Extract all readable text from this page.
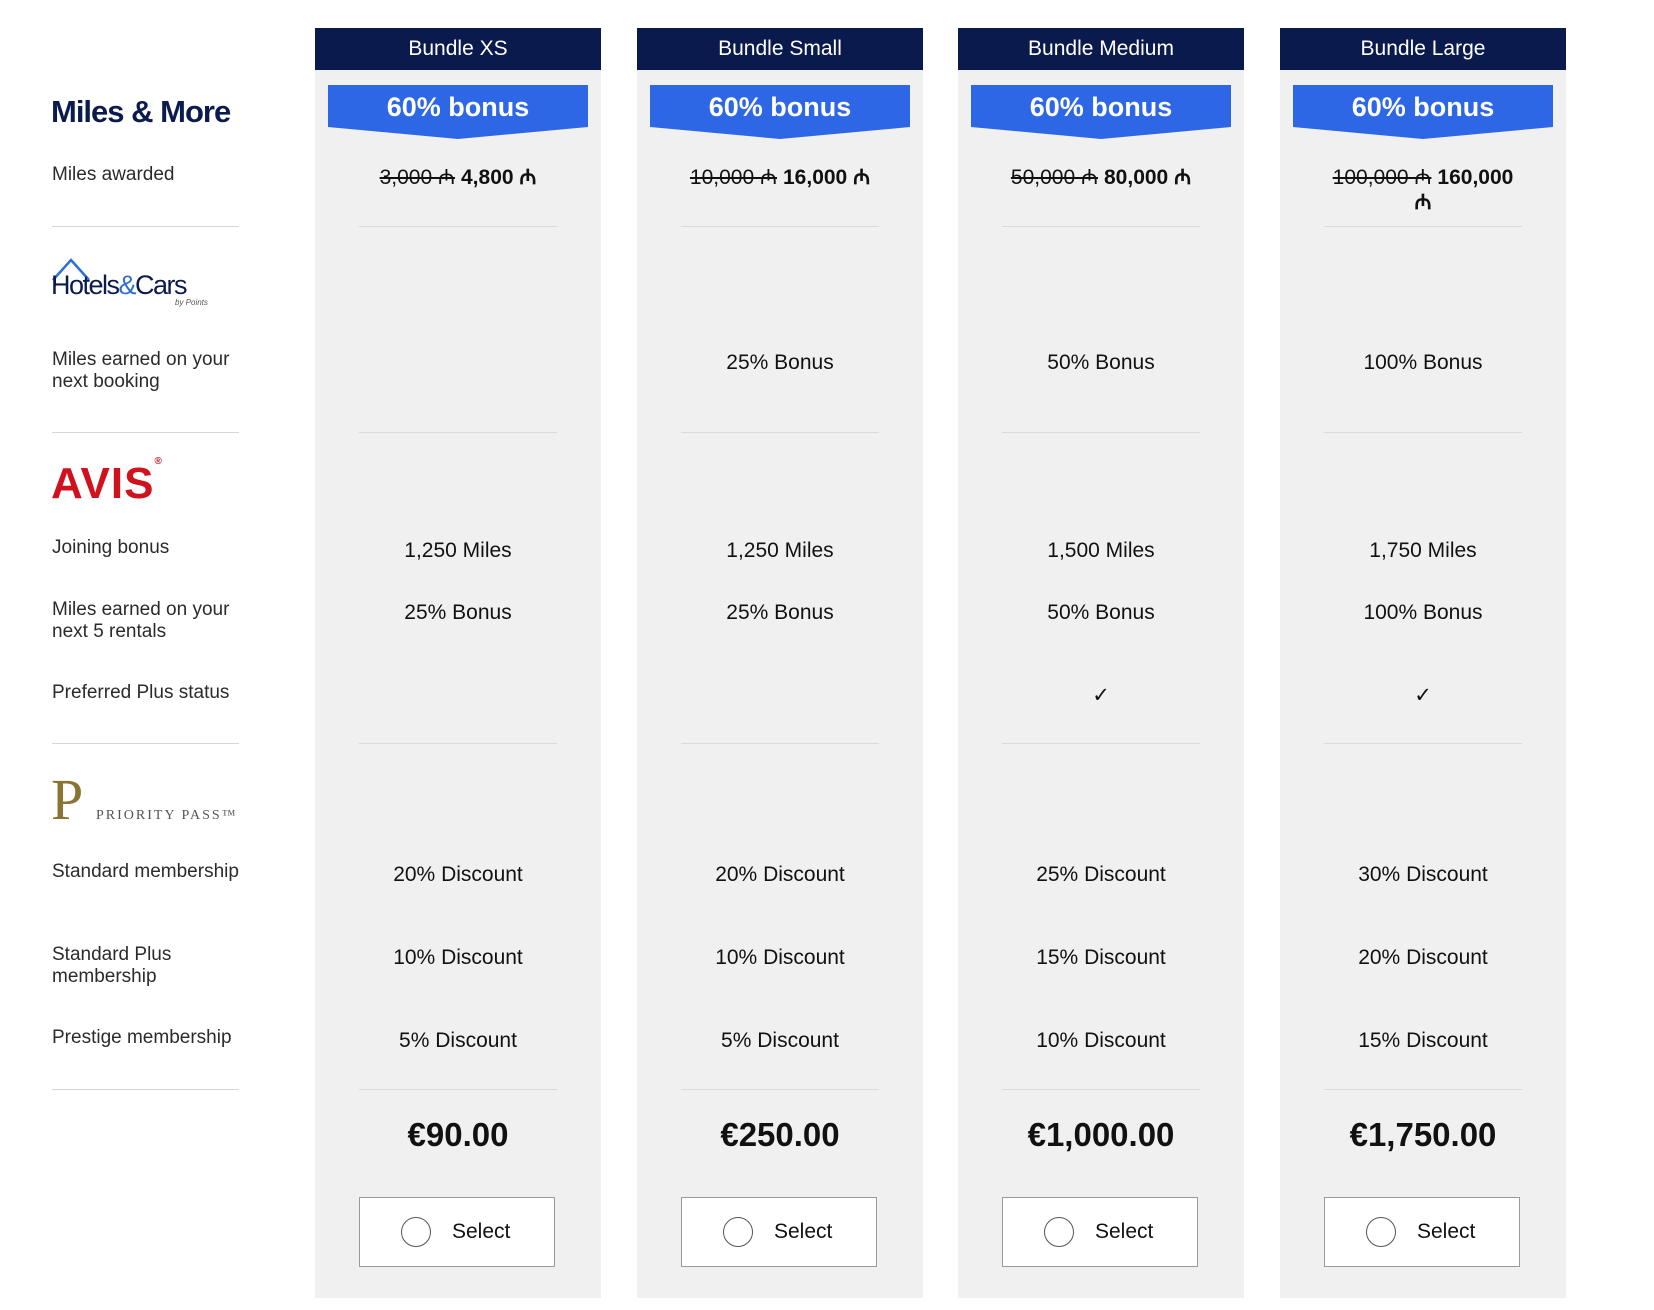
Miles & More
Miles awarded
Hotels&Cars
by Points
Miles earned on your next booking
AVIS®
Joining bonus
Miles earned on your next 5 rentals
Preferred Plus status
P PRIORITY PASS™
Standard membership
Standard Plus membership
Prestige membership
Bundle XS
60% bonus
3,000 ₼ 4,800 ₼
1,250 Miles
25% Bonus
20% Discount
10% Discount
5% Discount
€90.00
Select
Bundle Small
60% bonus
10,000 ₼ 16,000 ₼
25% Bonus
1,250 Miles
25% Bonus
20% Discount
10% Discount
5% Discount
€250.00
Select
Bundle Medium
60% bonus
50,000 ₼ 80,000 ₼
50% Bonus
1,500 Miles
50% Bonus
✓
25% Discount
15% Discount
10% Discount
€1,000.00
Select
Bundle Large
60% bonus
100,000 ₼ 160,000 ₼
100% Bonus
1,750 Miles
100% Bonus
✓
30% Discount
20% Discount
15% Discount
€1,750.00
Select
